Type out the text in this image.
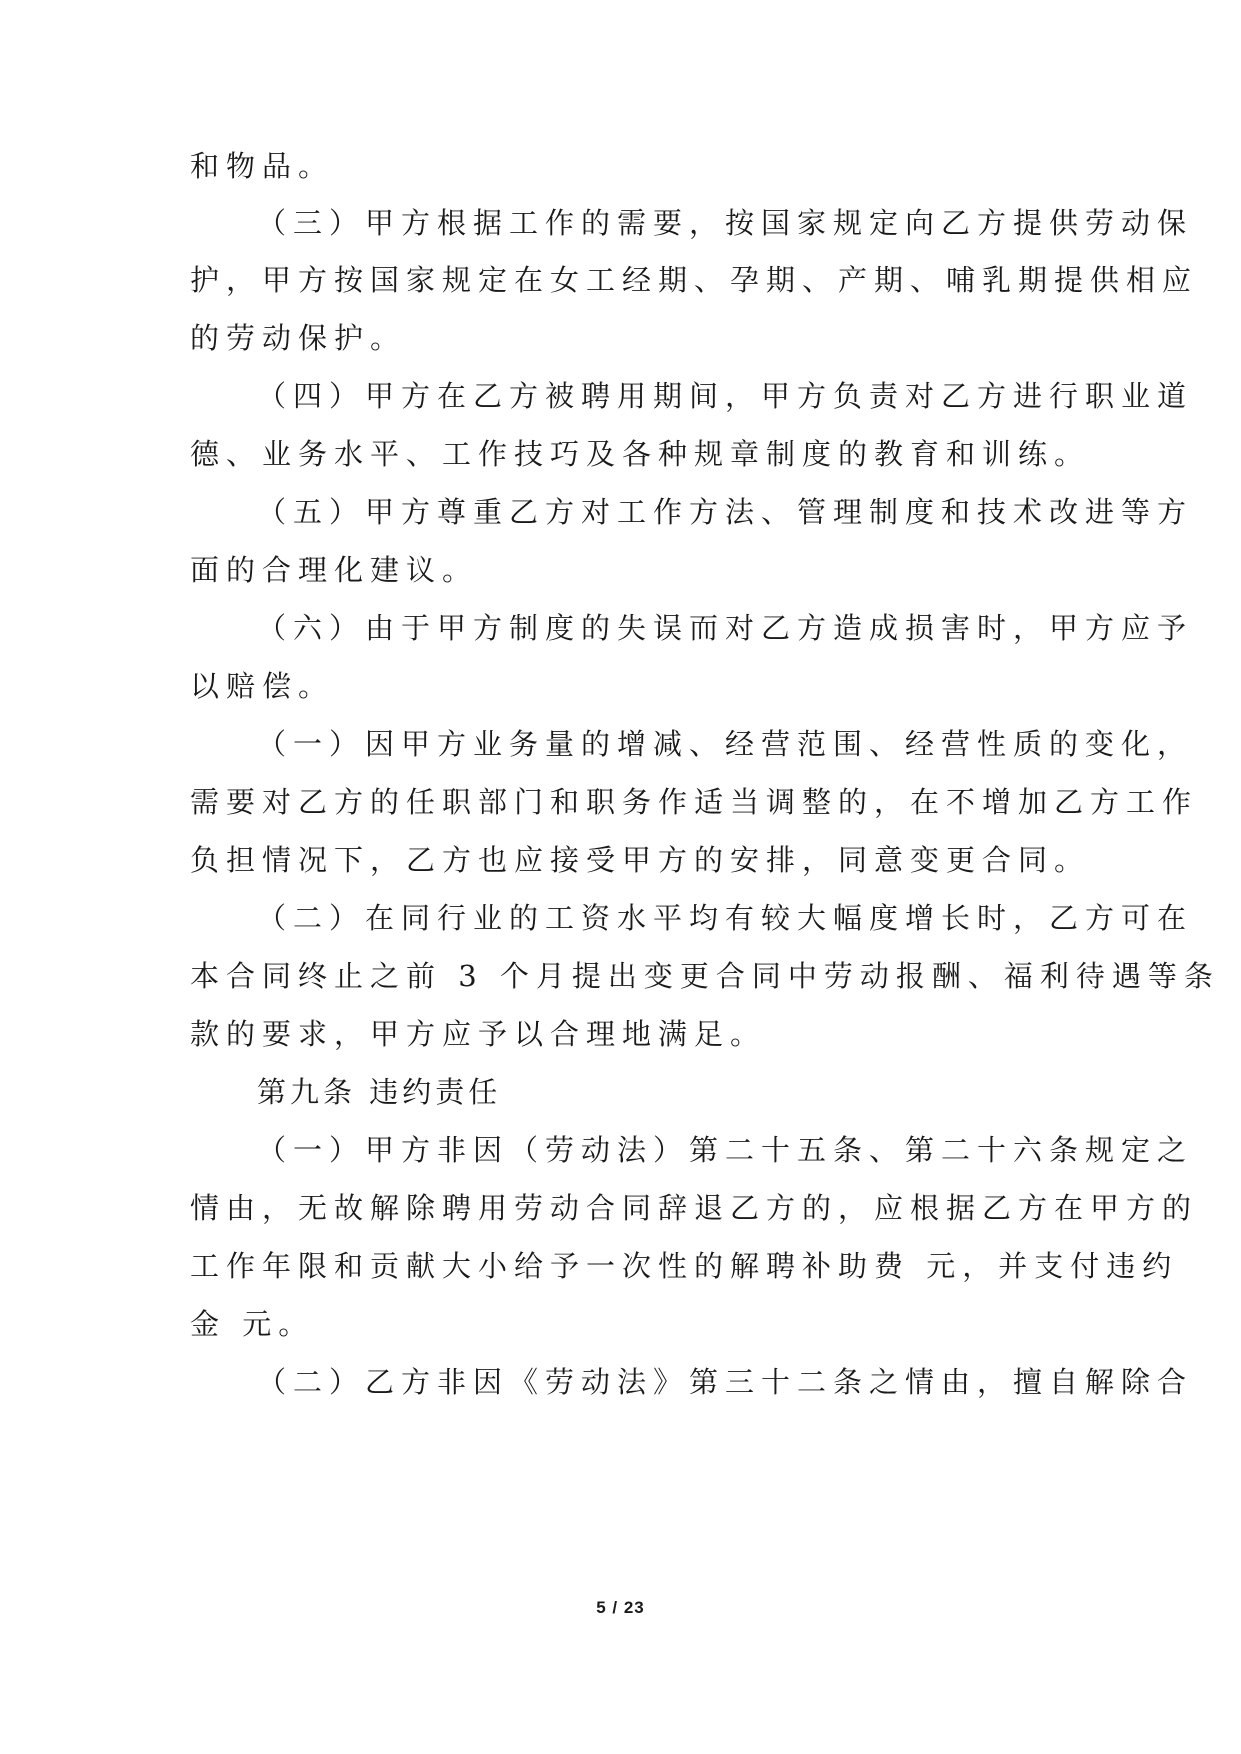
和物品。
（三）甲方根据工作的需要，按国家规定向乙方提供劳动保
护，甲方按国家规定在女工经期、孕期、产期、哺乳期提供相应
的劳动保护。
（四）甲方在乙方被聘用期间，甲方负责对乙方进行职业道
德、业务水平、工作技巧及各种规章制度的教育和训练。
（五）甲方尊重乙方对工作方法、管理制度和技术改进等方
面的合理化建议。
（六）由于甲方制度的失误而对乙方造成损害时，甲方应予
以赔偿。
（一）因甲方业务量的增减、经营范围、经营性质的变化，
需要对乙方的任职部门和职务作适当调整的，在不增加乙方工作
负担情况下，乙方也应接受甲方的安排，同意变更合同。
（二）在同行业的工资水平均有较大幅度增长时，乙方可在
本合同终止之前 3 个月提出变更合同中劳动报酬、福利待遇等条
款的要求，甲方应予以合理地满足。
第九条 违约责任
（一）甲方非因（劳动法）第二十五条、第二十六条规定之
情由，无故解除聘用劳动合同辞退乙方的，应根据乙方在甲方的
工作年限和贡献大小给予一次性的解聘补助费 元，并支付违约
金 元。
（二）乙方非因《劳动法》第三十二条之情由，擅自解除合
5 / 23
